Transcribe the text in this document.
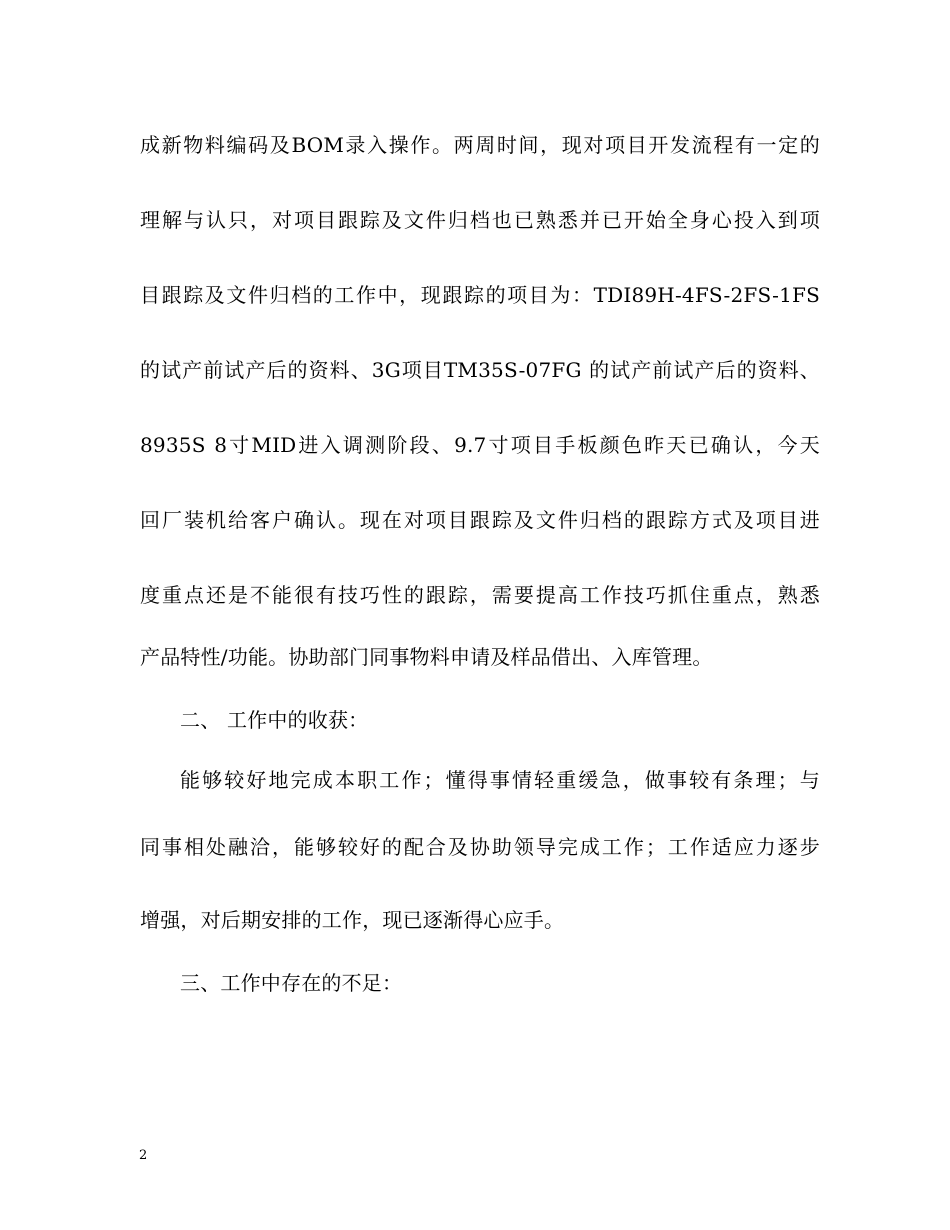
成新物料编码及BOM录入操作。两周时间，现对项目开发流程有一定的
理解与认只，对项目跟踪及文件归档也已熟悉并已开始全身心投入到项
目跟踪及文件归档的工作中，现跟踪的项目为：TDI89H-4FS-2FS-1FS
的试产前试产后的资料、3G项目TM35S-07FG 的试产前试产后的资料、
8935S 8寸MID进入调测阶段、9.7寸项目手板颜色昨天已确认，今天
回厂装机给客户确认。现在对项目跟踪及文件归档的跟踪方式及项目进
度重点还是不能很有技巧性的跟踪，需要提高工作技巧抓住重点，熟悉
产品特性/功能。协助部门同事物料申请及样品借出、入库管理。
二、 工作中的收获：
能够较好地完成本职工作；懂得事情轻重缓急，做事较有条理；与
同事相处融洽，能够较好的配合及协助领导完成工作；工作适应力逐步
增强，对后期安排的工作，现已逐渐得心应手。
三、工作中存在的不足：
2
